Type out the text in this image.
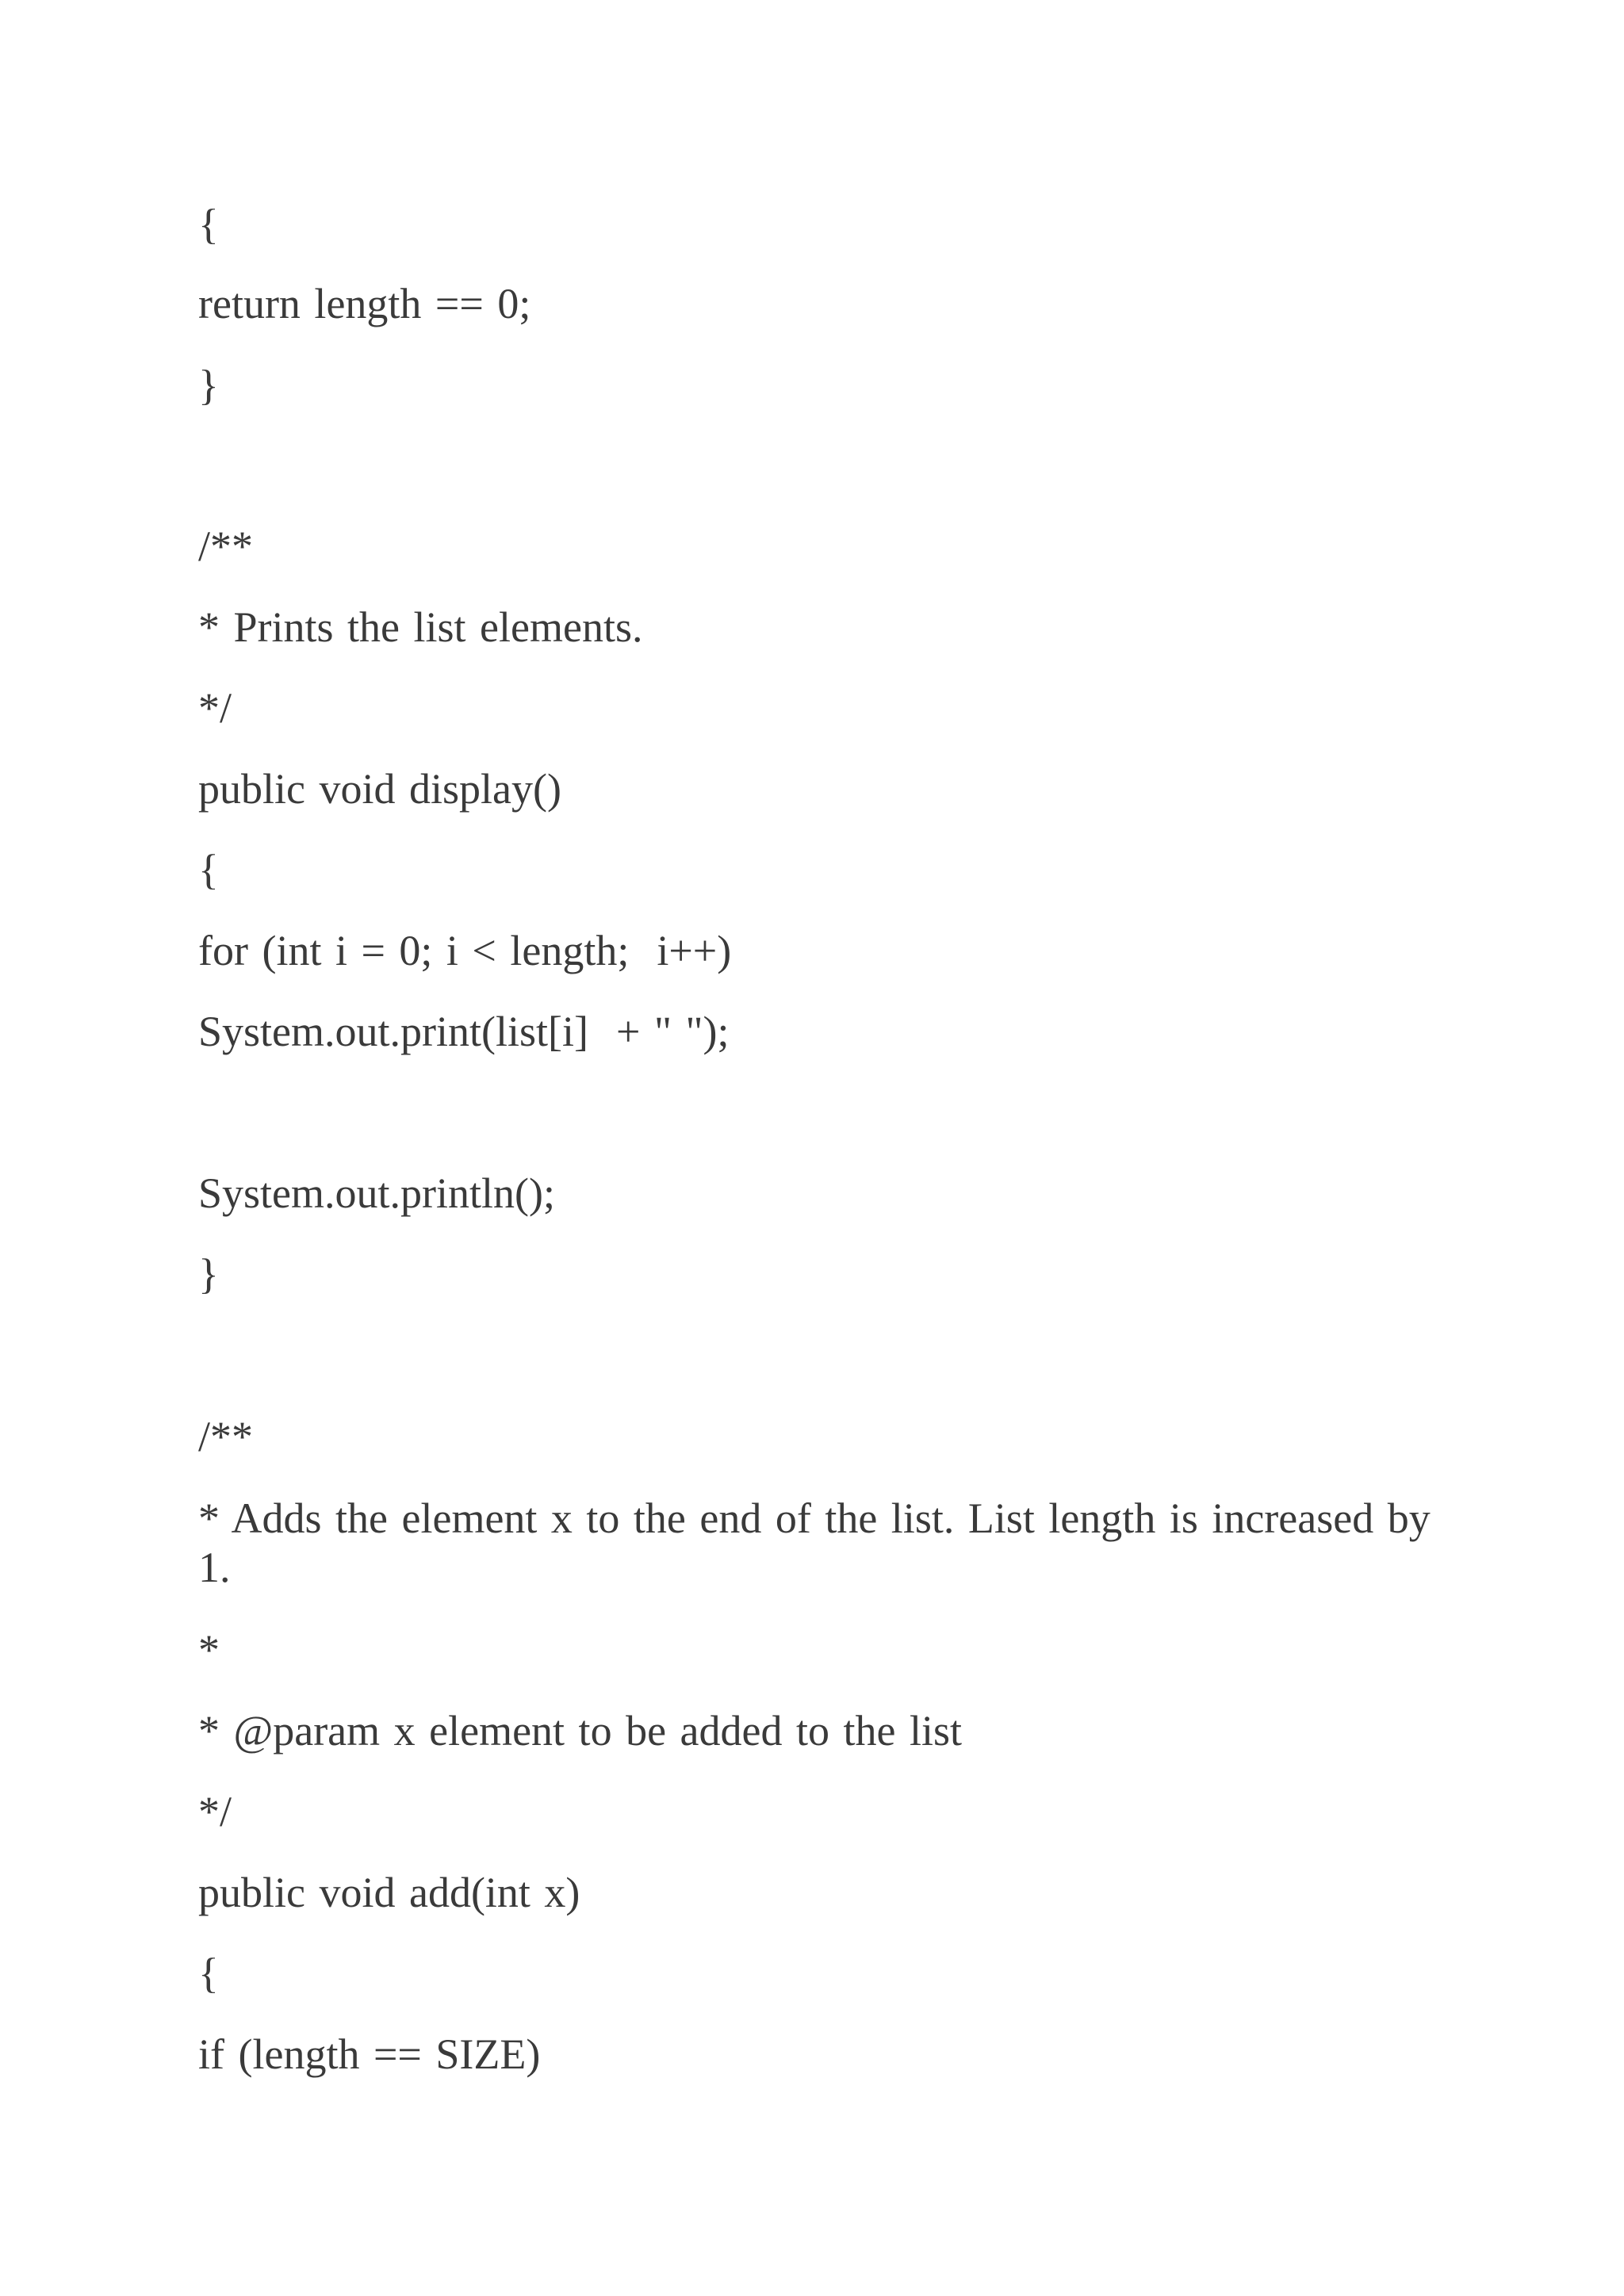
{

return length == 0;

}

/**

* Prints the list elements.

*/

public void display()

{

for (int i = 0; i < length;  i++)

System.out.print(list[i]  + " ");

System.out.println();

}

/**

* Adds the element x to the end of the list. List length is increased by 1.

*

* @param x element to be added to the list

*/

public void add(int x)

{

if (length == SIZE)
